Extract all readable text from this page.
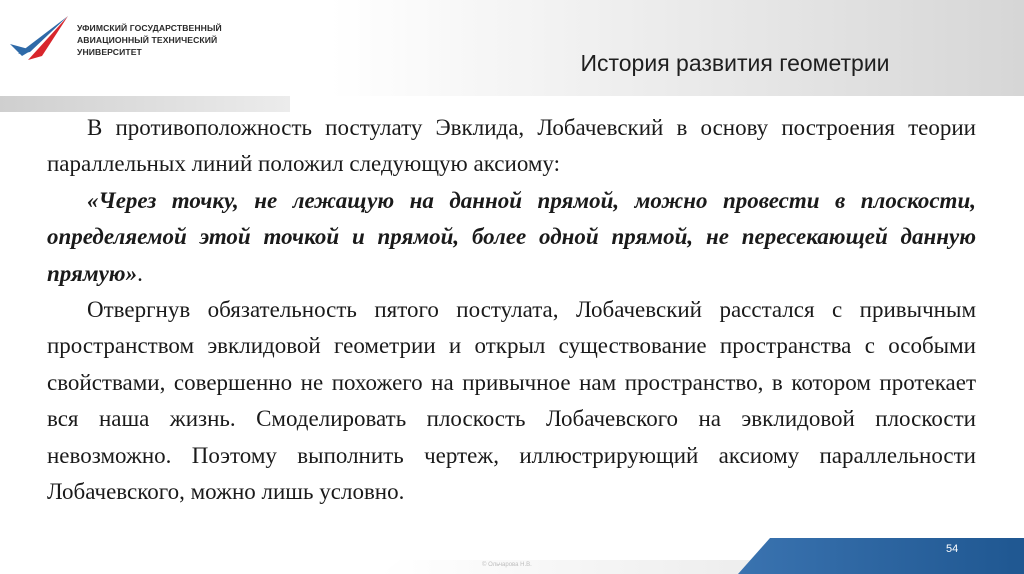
УФИМСКИЙ ГОСУДАРСТВЕННЫЙ
АВИАЦИОННЫЙ ТЕХНИЧЕСКИЙ
УНИВЕРСИТЕТ	История развития геометрии

В противоположность постулату Эвклида, Лобачевский в основу построения теории параллельных линий положил следующую аксиому:

«Через точку, не лежащую на данной прямой, можно провести в плоскости, определяемой этой точкой и прямой, более одной прямой, не пересекающей данную прямую».

Отвергнув обязательность пятого постулата, Лобачевский расстался с привычным пространством эвклидовой геометрии и открыл существование пространства с особыми свойствами, совершенно не похожего на привычное нам пространство, в котором протекает вся наша жизнь. Смоделировать плоскость Лобачевского на эвклидовой плоскости невозможно. Поэтому выполнить чертеж, иллюстрирующий аксиому параллельности Лобачевского, можно лишь условно.

54
© Ольчарова Н.В.
